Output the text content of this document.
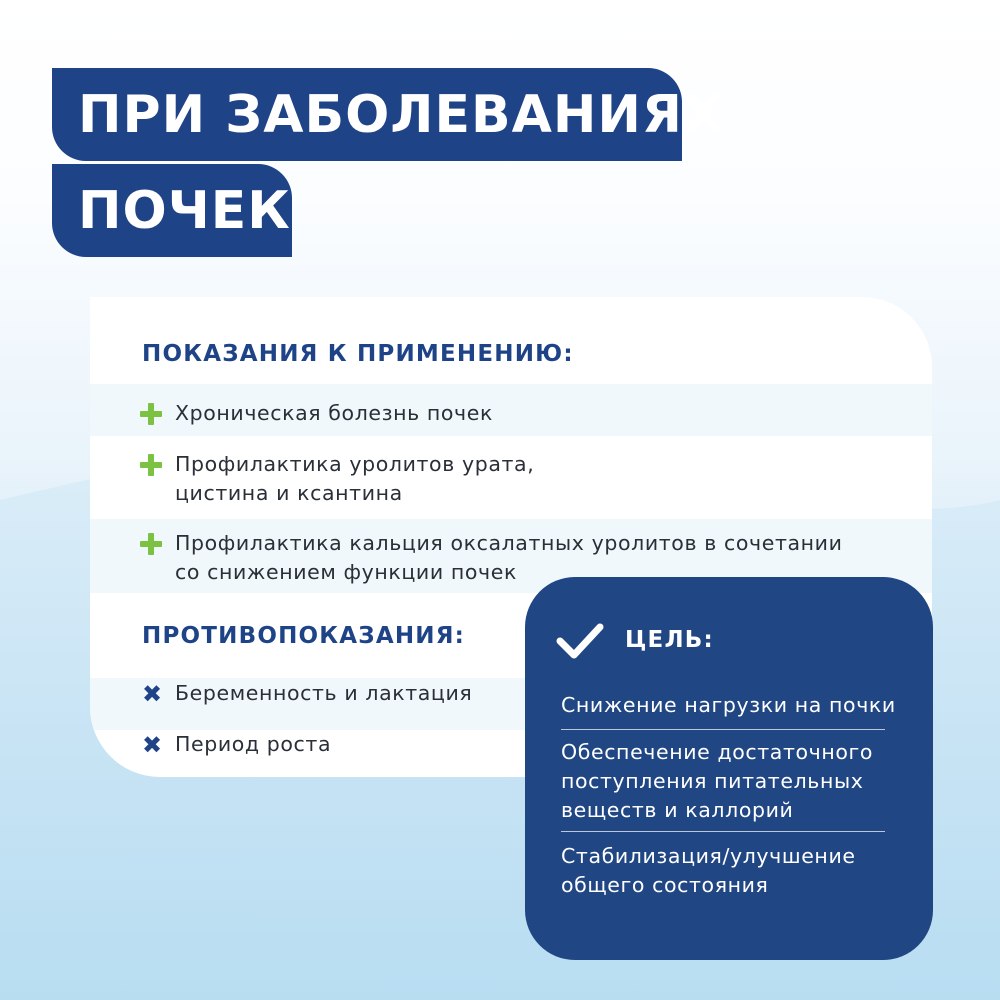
ПРИ ЗАБОЛЕВАНИЯХ
ПОЧЕК
ПОКАЗАНИЯ К ПРИМЕНЕНИЮ:
Хроническая болезнь почек
Профилактика уролитов урата,
цистина и ксантина
Профилактика кальция оксалатных уролитов в сочетании
со снижением функции почек
ПРОТИВОПОКАЗАНИЯ:
✖ Беременность и лактация
✖ Период роста
ЦЕЛЬ:
Снижение нагрузки на почки
Обеспечение достаточного
поступления питательных
веществ и каллорий
Стабилизация/улучшение
общего состояния
